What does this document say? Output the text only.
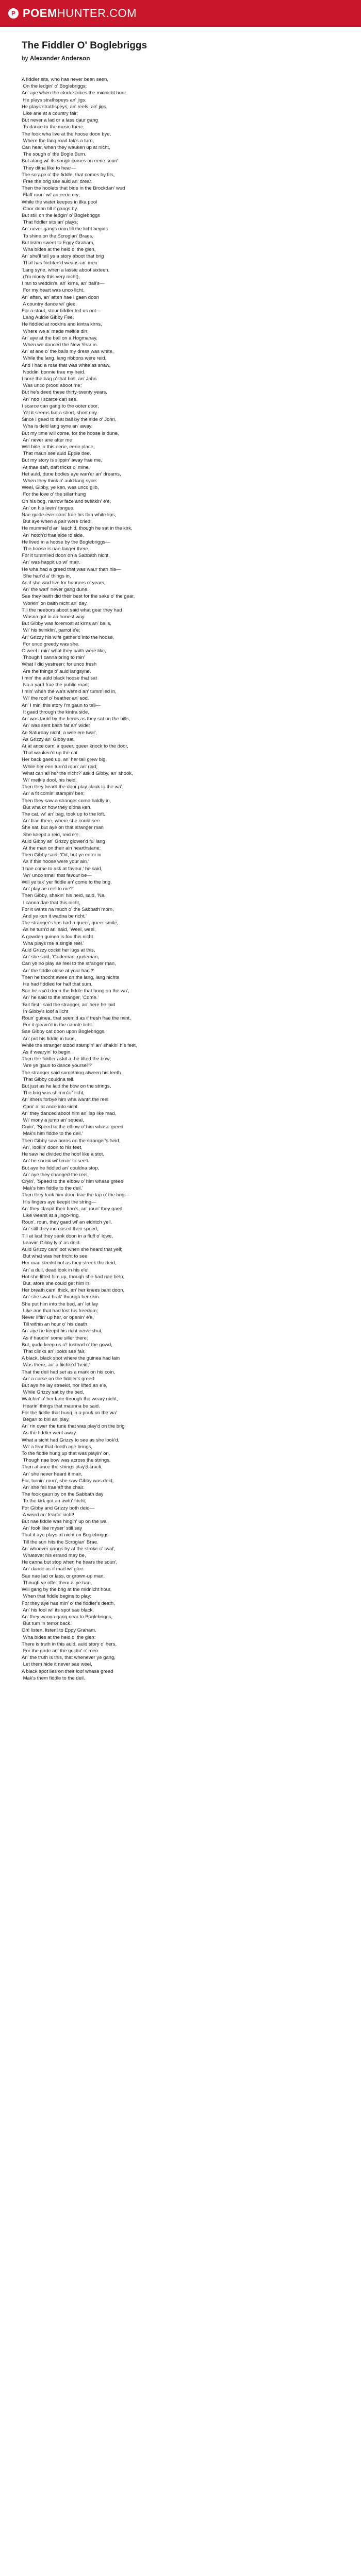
P POEMHUNTER.COM
The Fiddler O' Boglebriggs
by Alexander Anderson
A fiddler sits, who has never been seen,
On the ledgin' o' Boglebriggs;
An' aye when the clock strikes the midnicht hour
He plays strathspeys an' jigs.
He plays strathspeys, an' reels, an' jigs,
Like ane at a country fair;
But never a lad or a lass daur gang
To dance to the music there.
The fook wha live at the hoose doon bye,
Where the lang road tak's a turn,
Can hear, when they wauken up at nicht,
The sough o' the Bogle Burn.
But alang wi' its sough comes an eerie soun'
They ditna like to hear—
The scrape o' the fiddle, that comes by fits,
Frae the brig sae auld an' drear.
Then the hoolets that bide in the Brockdan' wud
Flaff roun' wi' an eerie cry;
While the water keepes in ilka pool
Coor doon till it gangs by.
But still on the ledgin' o' Boglebriggs
That fiddler sits an' plays;
An' never gangs oam till the licht begins
To shine on the Scroglan' Braes.
But listen sweet to Eggy Graham,
Wha bides at the heid o' the glen,
An' she'll tell ye a story aboot that brig
That has frichten'd weans an' men.
'Lang syne, when a lassie aboot sixteen,
(I'm ninety this very nicht),
I ran to weddin's, an' kirns, an' ball's—
For my heart was unco licht.
An' aften, an' aften hae I gaen doon
A country dance wi' glee,
For a stout, stour fiddler led us oot—
Lang Auldie Gibby Fee.
He fiddled at rockins and kintra kirns,
Where we a' made meikle din;
An' aye at the ball on a Hogmanay,
When we danced the New Year in.
An' at ane o' the balls my dress was white,
While the lang, lang ribbons were reid,
And I had a rose that was white as snaw,
Noddin' bonnie frae my heid.
I bore the bag o' that ball, an' John
Was unco prood aboot me;
But he's deed these thirty-twenty years,
An' noo I scarce can see.
I scarce can gang to the ooter door,
Yet it seems but a short, short day
Since I gaed to that ball by the side o' John,
Wha is deid lang syne an' away.
But my time will come, for the hoose is dune,
An' never ane after me
Will bide in this eerie, eerie place,
That maun see auld Eppie dee.
But my story is slippin' away frae me,
At thae daft, daft tricks o' mine,
Het auld, dune bodies aye wan'er an' dreams,
When they think o' auld lang syne.
Weel, Gibby, ye ken, was unco glib,
For the love o' the siller hung
On his bog, narrow face and tweitkin' e'e,
An' on his leein' tongue.
Nae guide ever cam' frae his thin white lips,
But aye when a pair were cried,
He mummel'd an' lauch'd, though he sat in the kirk,
An' hotch'd frae side to side.
He lived in a hoose by the Boglebriggs—
The hoose is nae langer there,
For it tumm'led doon on a Sabbath nicht,
An' was happit up wi' mair.
He wha had a greed that was waur than his—
She harl'd a' things in,
As if she wad live for hunners o' years,
An' the warl' never gang dune.
Sae they baith did their best for the sake o' the gear,
Workin' on baith nicht an' day,
Till the neebors aboot said what gear they had
Wasna got in an honest way.
But Gibby was foremost at kirns an' balls,
Wi' his twinklin', parrot e'e;
An' Grizzy his wife gather'd into the hoose,
For unco greedy was she.
O weel I min' what they baith were like,
Though I canna bring to min'
What I did yestreen; for unco fresh
Are the things o' auld langsyne.
I min' the auld black hoose that sat
No a yard frae the public road;
I min' when the wa's were'd an' tumm'led in,
Wi' the roof o' heather an' sod.
An' I min' this story I'm gaun to tell—
It gaed through the kintra side,
An' was tauld by the herds as they sat on the hills,
An' was sent baith far an' wide:
Ae Saturday nicht, a wee ere twal',
As Grizzy an' Gibby sat,
At at ance cam' a queer, queer knock to the door,
That wauken'd up the cat.
Her back gaed up, an' her tail grew big,
While her een turn'd roun' an' reid;
'What can ail her the nicht?' ask'd Gibby, an' shook,
Wi' meikle dool, his heid.
Then they heard the door play clank to the wa',
An' a fit comin' stampin' ben;
Then they saw a stranger come baldly in,
But wha or how they didna ken.
The cat, wi' an' bag, took up to the loft,
An' frae there, where she could see
She sat, but aye on that stranger man
She keepit a reid, reid e'e.
Auld Gibby an' Grizzy glower'd fu' lang
At the man on their ain hearthstane;
Then Gibby said, 'Od, but ye enter in
As if this hoose were your ain.'
'I hae come to ask at favour,' he said,
'An' unco smal' that favour be—
Will ye tak' yer fiddle an' come to the brig,
An' play ae reel to me?'
Then Gibby, shakin' his heid, said, 'Na,
I canna dae that this nicht,
For it wants na much o' the Sabbath morn,
And ye ken it wadna be richt.'
The stranger's lips had a queer, queer smile,
As he turn'd an' said, 'Weel, weel,
A gowden guinea is fou this nicht
Wha plays me a single reel.'
Auld Grizzy cockit her lugs at this,
An' she said, 'Gudeman, gudeman,
Can ye no play ae reel to the stranger man,
An' the fiddle close at your han'?'
Then he thocht awee on the lang, lang nichts
He had fiddled for half that sum,
Sae he rax'd doon the fiddle that hung on the wa',
An' he said to the stranger, 'Come.'
'But first,' said the stranger, an' here he laid
In Gibby's loof a licht
Roun' guinea, that seem'd as if fresh frae the mint,
For it gleam'd in the cannle licht.
Sae Gibby cat doon upon Boglebriggs,
An' put his fiddle in tune,
While the stranger stood stampin' an' shakin' his feet,
As if wearyin' to begin.
Then the fiddler askit a, he lifted the bow;
'Are ye gaun to dance yoursel'?'
The stranger said something atween his teeth
That Gibby couldna tell.
But just as he laid the bow on the strings,
The brig was shimm'ar' licht,
An' ithers forbye him wha wantit the reel
Cam' a' at ance into sicht.
An' they danced aboot him an' lap like mad,
Wi' mony a jump an' squeal,
Cryin', 'Speed to the elbow o' him whase greed
Mak's him fiddle to the deil.'
Then Gibby saw horns on the stranger's heid,
An', lookin' doon to his feet,
He saw he divided the hoof like a stot,
An' he shook wi' terror to see't.
But aye he fiddled an' couldna stop,
An' aye they changed the reel,
Cryin', 'Speed to the elbow o' him whase greed
Mak's him fiddle to the deil.'
Then they took him doon frae the tap o' the brig—
His fingers aye keepit the string—
An' they claspit their han's, an' roun' they gaed,
Like weans at a jingo-ring.
Roun', roun, they gaed wi' an eldritch yell,
An' still they increased their speed,
Till at last they sank doon in a fluff o' lowe,
Leavin' Gibby lyin' as deid.
Auld Grizzy cam' oot when she heard that yell;
But what was her fricht to see
Her man streikit oot as they streek the deid,
An' a dull, dead look in his e'e!
Hot she lifted him up, though she had nae help,
But, afore she could get him in,
Her breath cam' thick, an' her knees bant doon,
An' she swat brak' through her skin.
She put him into the bed, an' let lay
Like ane that had lost his freedom;
Never liftin' up her, or openin' e'e,
Till within an hour o' his death.
An' aye he keepit his richt neive shut,
As if haudin' some siller there;
But, gude keep us a'! instead o' the gowd,
That clinks an' looks sae fair,
A black, black spot where the guinea had lain
Was there, an' a fiichle'd 'heid,'
That the deil had set as a mark on his coin,
An' a curse on the fiddler's greed.
But aye he lay streekit, nor lifted an e'e,
While Grizzy sat by the bed,
Watchin' a' her lane through the weary nicht,
Hearin' things that maunna be said.
For the fiddle that hung in a pouk on the wa'
Began to birl an' play,
An' rin ower the tune that was play'd on the brig
As the fiddler went away.
What a sicht had Grizzy to see as she look'd,
Wi' a fear that death age brings,
To the fiddle hung up that was playin' on,
Though nae bow was across the strings.
Then at ance the strings play'd crack,
An' she never heard it mair,
For, turnin' roun', she saw Gibby was deid,
An' she fell frae aff the chair.
The fook gaun by on the Sabbath day
To the kirk got an awfu' fricht;
For Gibby and Grizzy both deid—
A weird an' fearfu' sicht!
But nae fiddle was hingin' up on the wa',
An' fook like myser' still say
That it aye plays at nicht on Boglebriggs
Till the sun hits the Scroglan' Brae.
An' whoever gangs by at the stroke o' twal',
Whatever his errand may be,
He canna but stop when he hears the soun',
An' dance as if mad wi' glee.
Sae nae lad or lass, or grown-up man,
Though ye offer them a' ye hae,
Will gang by the brig at the midnicht hour,
When that fiddle begins to play;
For they aye hae min' o' the fiddler's death,
An' his fool wi' its spot sae black,
An' they wanna gang near to Boglebriggs,
But turn in terror back.'
Oh! listen, listen! to Eppy Graham,
Wha bides at the heid o' the glen:
There is truth in this auld, auld story o' hers,
For the gude an' the guidin' o' men.
An' the truth is this, that whenever ye gang,
Let them hide it never sae weel,
A black spot lies on their loof whase greed
Mak's them fiddle to the deil.
